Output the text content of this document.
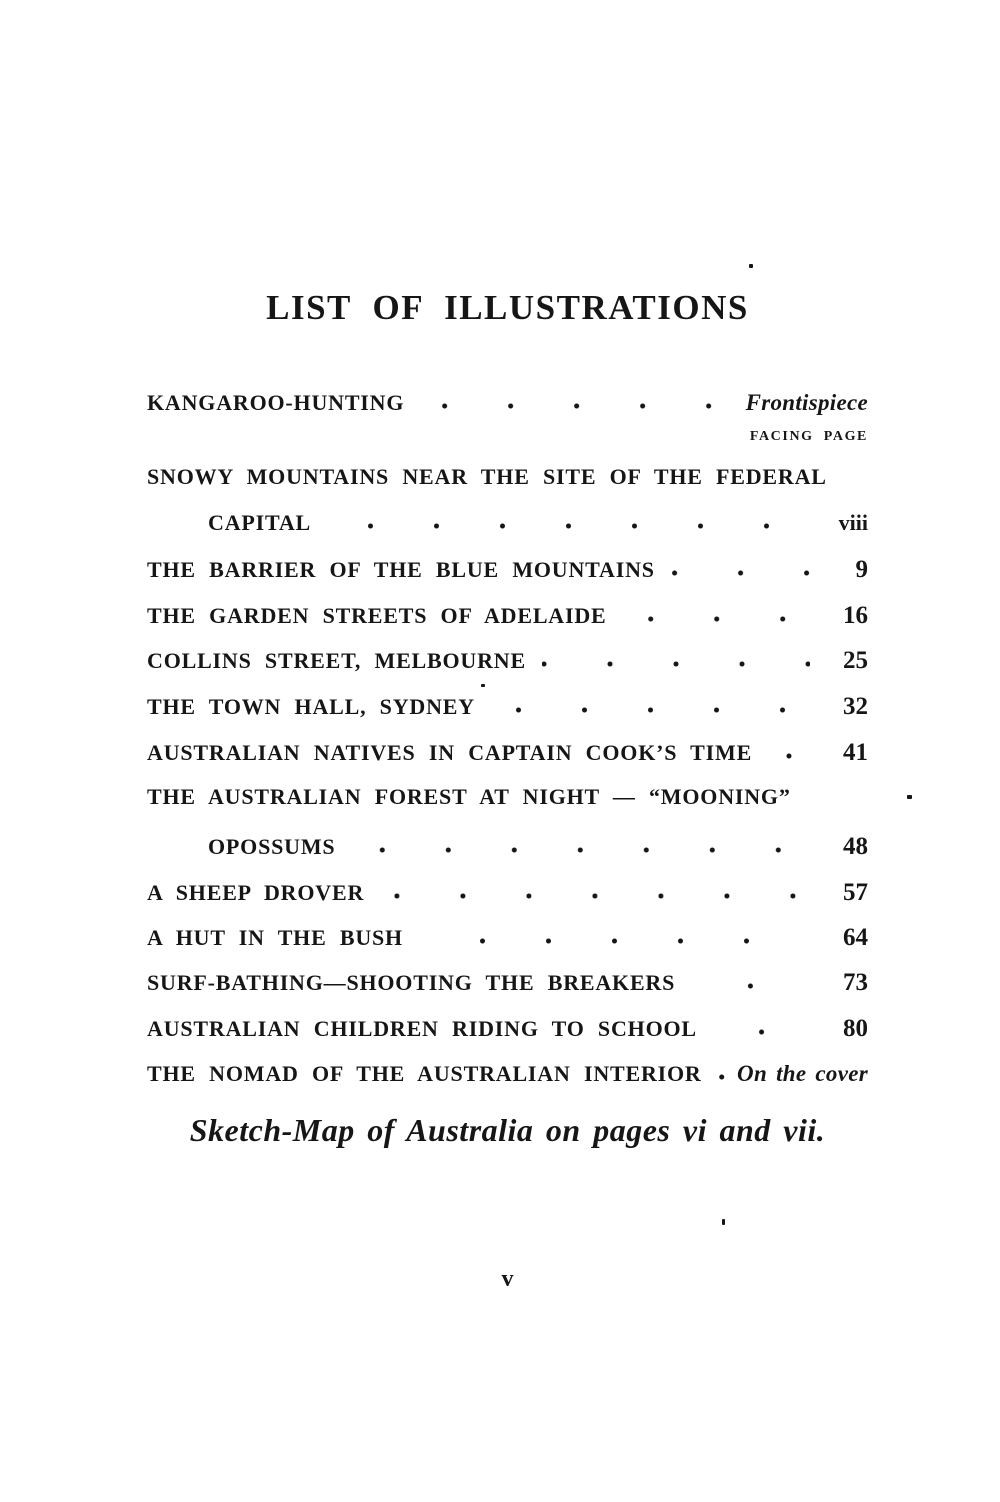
LIST OF ILLUSTRATIONS
KANGAROO-HUNTING	Frontispiece
FACING PAGE
SNOWY MOUNTAINS NEAR THE SITE OF THE FEDERAL
CAPITAL	viii
THE BARRIER OF THE BLUE MOUNTAINS	9
THE GARDEN STREETS OF ADELAIDE	16
COLLINS STREET, MELBOURNE	25
THE TOWN HALL, SYDNEY	32
AUSTRALIAN NATIVES IN CAPTAIN COOK’S TIME	41
THE AUSTRALIAN FOREST AT NIGHT — “MOONING”
OPOSSUMS	48
A SHEEP DROVER	57
A HUT IN THE BUSH	64
SURF-BATHING—SHOOTING THE BREAKERS	73
AUSTRALIAN CHILDREN RIDING TO SCHOOL	80
THE NOMAD OF THE AUSTRALIAN INTERIOR On the cover
Sketch-Map of Australia on pages vi and vii.
v
